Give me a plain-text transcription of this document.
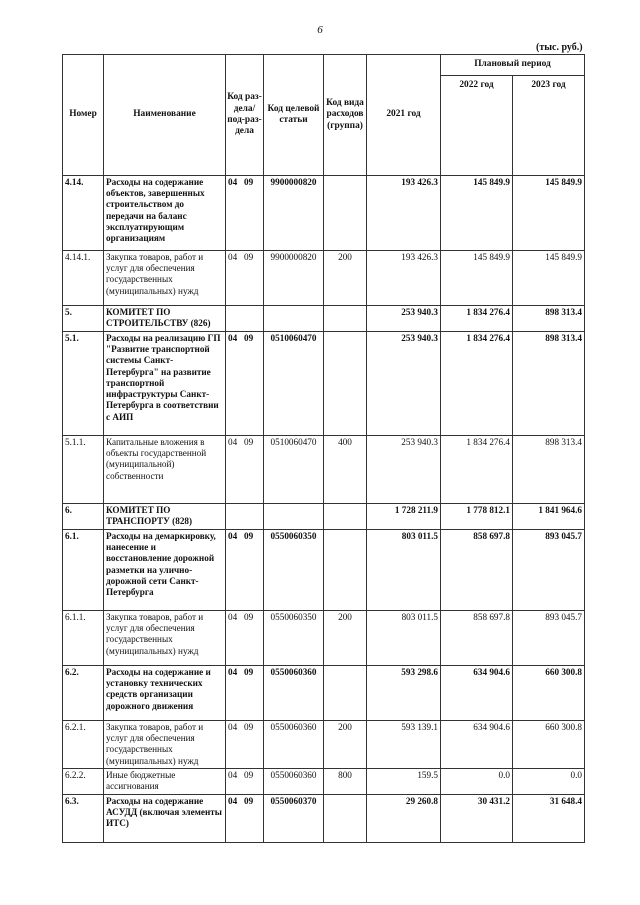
6
(тыс. руб.)
Номер	Наименование	Код раз-дела/ под-раз-дела	Код целевой статьи	Код вида расходов (группа)	2021 год	Плановый период	
						2022 год	2023 год
4.14.	Расходы на содержание объектов, завершенных строительством до передачи на баланс эксплуатирующим организациям	04 09	9900000820		193 426.3	145 849.9	145 849.9
4.14.1.	Закупка товаров, работ и услуг для обеспечения государственных (муниципальных) нужд	04 09	9900000820	200	193 426.3	145 849.9	145 849.9
5.	КОМИТЕТ ПО СТРОИТЕЛЬСТВУ (826)				253 940.3	1 834 276.4	898 313.4
5.1.	Расходы на реализацию ГП "Развитие транспортной системы Санкт-Петербурга" на развитие транспортной инфраструктуры Санкт-Петербурга в соответствии с АИП	04 09	0510060470		253 940.3	1 834 276.4	898 313.4
5.1.1.	Капитальные вложения в объекты государственной (муниципальной) собственности	04 09	0510060470	400	253 940.3	1 834 276.4	898 313.4
6.	КОМИТЕТ ПО ТРАНСПОРТУ (828)				1 728 211.9	1 778 812.1	1 841 964.6
6.1.	Расходы на демаркировку, нанесение и восстановление дорожной разметки на улично-дорожной сети Санкт-Петербурга	04 09	0550060350		803 011.5	858 697.8	893 045.7
6.1.1.	Закупка товаров, работ и услуг для обеспечения государственных (муниципальных) нужд	04 09	0550060350	200	803 011.5	858 697.8	893 045.7
6.2.	Расходы на содержание и установку технических средств организации дорожного движения	04 09	0550060360		593 298.6	634 904.6	660 300.8
6.2.1.	Закупка товаров, работ и услуг для обеспечения государственных (муниципальных) нужд	04 09	0550060360	200	593 139.1	634 904.6	660 300.8
6.2.2.	Иные бюджетные ассигнования	04 09	0550060360	800	159.5	0.0	0.0
6.3.	Расходы на содержание АСУДД (включая элементы ИТС)	04 09	0550060370		29 260.8	30 431.2	31 648.4
